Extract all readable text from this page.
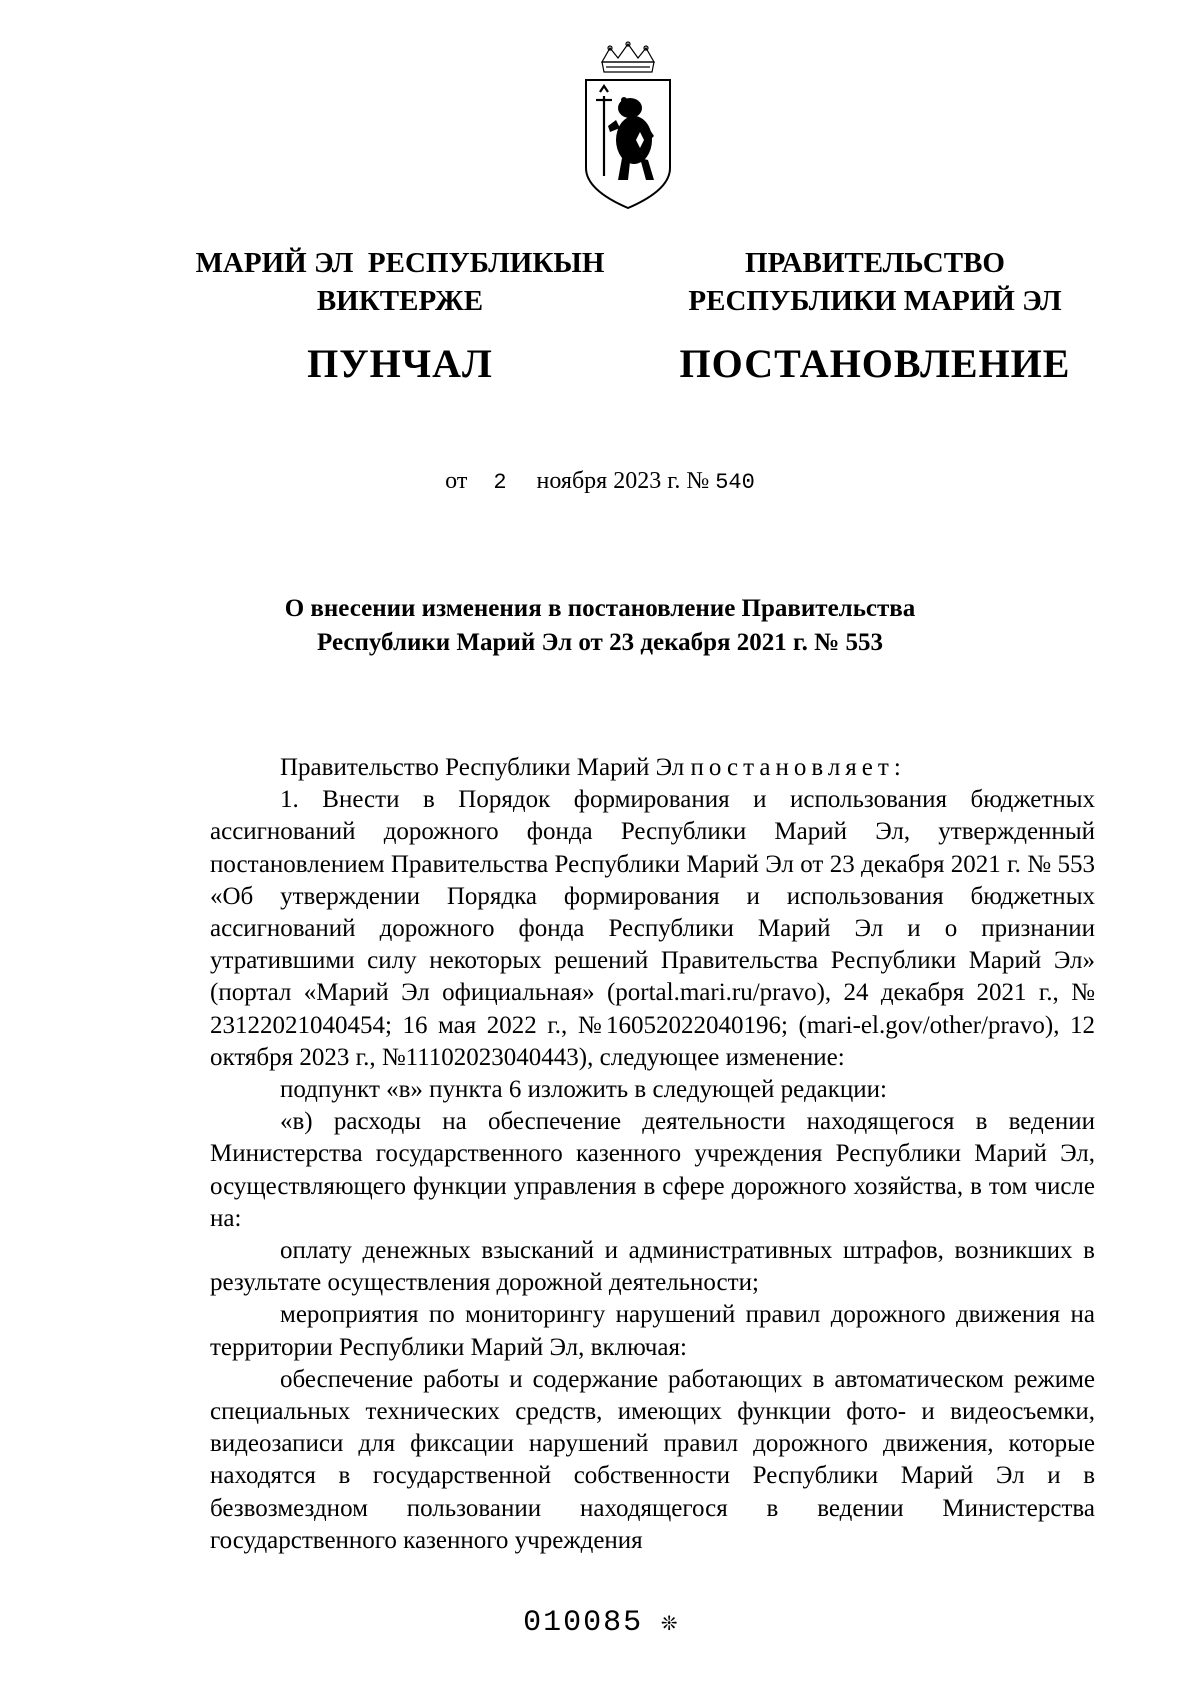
МАРИЙ ЭЛ  РЕСПУБЛИКЫН
ВИКТЕРЖЕ
ПУНЧАЛ
ПРАВИТЕЛЬСТВО
РЕСПУБЛИКИ МАРИЙ ЭЛ
ПОСТАНОВЛЕНИЕ
от 2 ноября 2023 г. № 540
О внесении изменения в постановление Правительства
Республики Марий Эл от 23 декабря 2021 г. № 553

Правительство Республики Марий Эл постановляет:

1. Внести в Порядок формирования и использования бюджетных ассигнований дорожного фонда Республики Марий Эл, утвержденный постановлением Правительства Республики Марий Эл от 23 декабря 2021 г. № 553 «Об утверждении Порядка формирования и использования бюджетных ассигнований дорожного фонда Республики Марий Эл и о признании утратившими силу некоторых решений Правительства Республики Марий Эл» (портал «Марий Эл официальная» (portal.mari.ru/pravo), 24 декабря 2021 г., № 23122021040454; 16 мая 2022 г., №16052022040196; (mari-el.gov/other/pravo), 12 октября 2023 г., №11102023040443), следующее изменение:

подпункт «в» пункта 6 изложить в следующей редакции:

«в) расходы на обеспечение деятельности находящегося в ведении Министерства государственного казенного учреждения Республики Марий Эл, осуществляющего функции управления в сфере дорожного хозяйства, в том числе на:

оплату денежных взысканий и административных штрафов, возникших в результате осуществления дорожной деятельности;

мероприятия по мониторингу нарушений правил дорожного движения на территории Республики Марий Эл, включая:

обеспечение работы и содержание работающих в автоматическом режиме специальных технических средств, имеющих функции фото- и видеосъемки, видеозаписи для фиксации нарушений правил дорожного движения, которые находятся в государственной собственности Республики Марий Эл и в безвозмездном пользовании находящегося в ведении Министерства государственного казенного учреждения

010085 ❊
